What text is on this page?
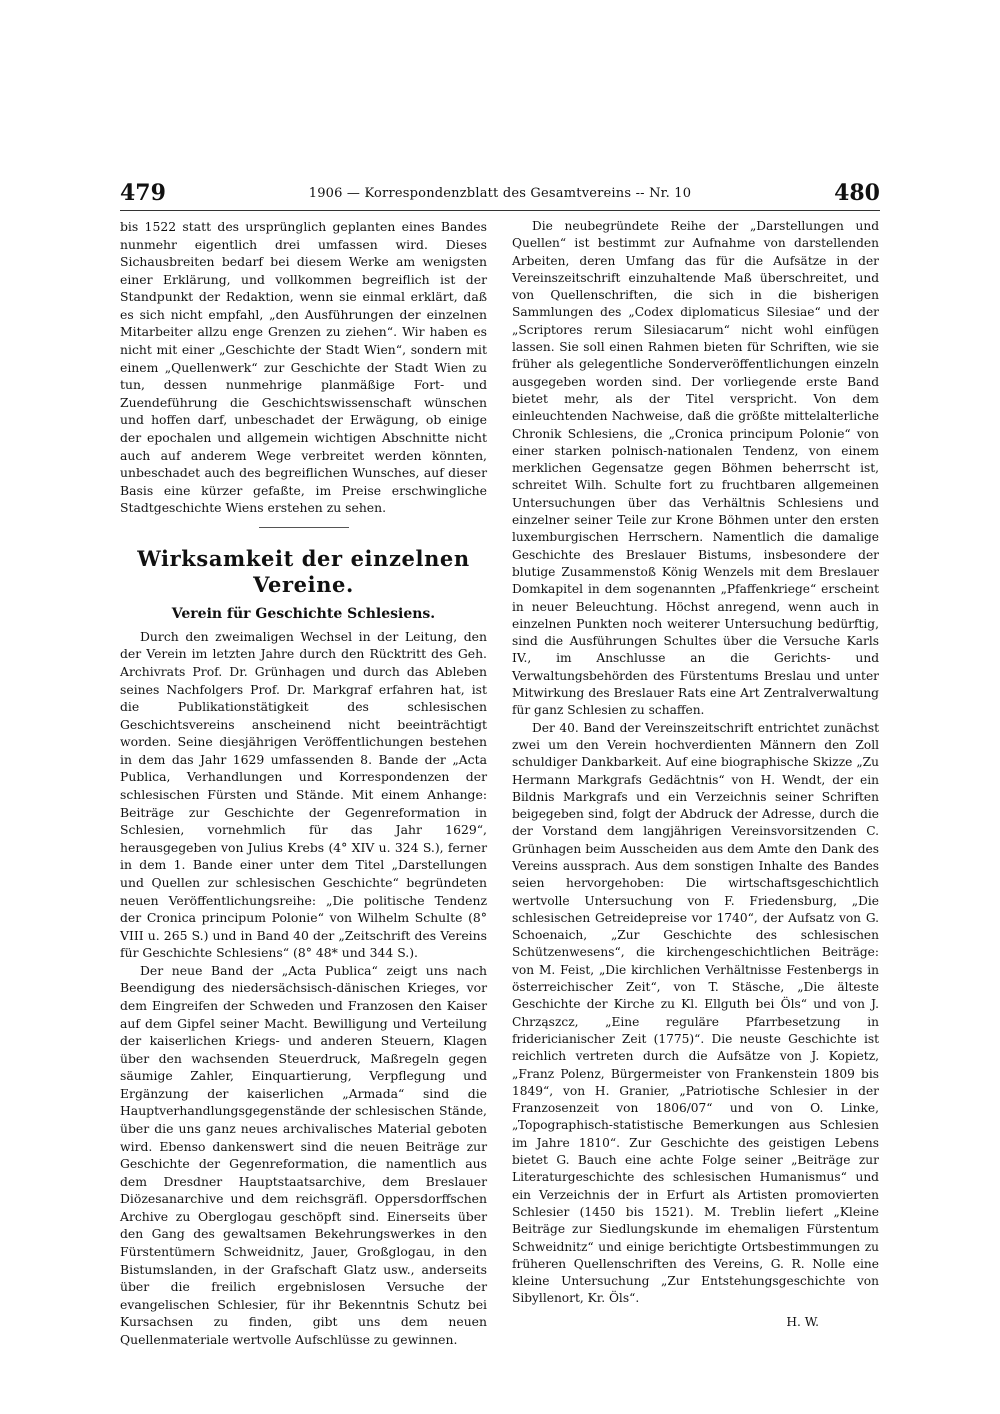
479	1906 — Korrespondenzblatt des Gesamtvereins -- Nr. 10	480

bis 1522 statt des ursprünglich geplanten eines Bandes nunmehr eigentlich drei umfassen wird. Dieses Sichausbreiten bedarf bei diesem Werke am wenigsten einer Erklärung, und vollkommen begreiflich ist der Standpunkt der Redaktion, wenn sie einmal erklärt, daß es sich nicht empfahl, „den Ausführungen der einzelnen Mitarbeiter allzu enge Grenzen zu ziehen“. Wir haben es nicht mit einer „Geschichte der Stadt Wien“, sondern mit einem „Quellenwerk“ zur Geschichte der Stadt Wien zu tun, dessen nunmehrige planmäßige Fort- und Zuendeführung die Geschichtswissenschaft wünschen und hoffen darf, unbeschadet der Erwägung, ob einige der epochalen und allgemein wichtigen Abschnitte nicht auch auf anderem Wege verbreitet werden könnten, unbeschadet auch des begreiflichen Wunsches, auf dieser Basis eine kürzer gefaßte, im Preise erschwingliche Stadtgeschichte Wiens erstehen zu sehen.

Wirksamkeit der einzelnen Vereine.
Verein für Geschichte Schlesiens.

Durch den zweimaligen Wechsel in der Leitung, den der Verein im letzten Jahre durch den Rücktritt des Geh. Archivrats Prof. Dr. Grünhagen und durch das Ableben seines Nachfolgers Prof. Dr. Markgraf erfahren hat, ist die Publikationstätigkeit des schlesischen Geschichtsvereins anscheinend nicht beeinträchtigt worden. Seine diesjährigen Veröffentlichungen bestehen in dem das Jahr 1629 umfassenden 8. Bande der „Acta Publica, Verhandlungen und Korrespondenzen der schlesischen Fürsten und Stände. Mit einem Anhange: Beiträge zur Geschichte der Gegenreformation in Schlesien, vornehmlich für das Jahr 1629“, herausgegeben von Julius Krebs (4° XIV u. 324 S.), ferner in dem 1. Bande einer unter dem Titel „Darstellungen und Quellen zur schlesischen Geschichte“ begründeten neuen Veröffentlichungsreihe: „Die politische Tendenz der Cronica principum Polonie“ von Wilhelm Schulte (8° VIII u. 265 S.) und in Band 40 der „Zeitschrift des Vereins für Geschichte Schlesiens“ (8° 48* und 344 S.).

Der neue Band der „Acta Publica“ zeigt uns nach Beendigung des niedersächsisch-dänischen Krieges, vor dem Eingreifen der Schweden und Franzosen den Kaiser auf dem Gipfel seiner Macht. Bewilligung und Verteilung der kaiserlichen Kriegs- und anderen Steuern, Klagen über den wachsenden Steuerdruck, Maßregeln gegen säumige Zahler, Einquartierung, Verpflegung und Ergänzung der kaiserlichen „Armada“ sind die Hauptverhandlungsgegenstände der schlesischen Stände, über die uns ganz neues archivalisches Material geboten wird. Ebenso dankenswert sind die neuen Beiträge zur Geschichte der Gegenreformation, die namentlich aus dem Dresdner Hauptstaatsarchive, dem Breslauer Diözesanarchive und dem reichsgräfl. Oppersdorffschen Archive zu Oberglogau geschöpft sind. Einerseits über den Gang des gewaltsamen Bekehrungswerkes in den Fürstentümern Schweidnitz, Jauer, Großglogau, in den Bistumslanden, in der Grafschaft Glatz usw., anderseits über die freilich ergebnislosen Versuche der evangelischen Schlesier, für ihr Bekenntnis Schutz bei Kursachsen zu finden, gibt uns dem neuen Quellenmateriale wertvolle Aufschlüsse zu gewinnen.

Die neubegründete Reihe der „Darstellungen und Quellen“ ist bestimmt zur Aufnahme von darstellenden Arbeiten, deren Umfang das für die Aufsätze in der Vereinszeitschrift einzuhaltende Maß überschreitet, und von Quellenschriften, die sich in die bisherigen Sammlungen des „Codex diplomaticus Silesiae“ und der „Scriptores rerum Silesiacarum“ nicht wohl einfügen lassen. Sie soll einen Rahmen bieten für Schriften, wie sie früher als gelegentliche Sonderveröffentlichungen einzeln ausgegeben worden sind. Der vorliegende erste Band bietet mehr, als der Titel verspricht. Von dem einleuchtenden Nachweise, daß die größte mittelalterliche Chronik Schlesiens, die „Cronica principum Polonie“ von einer starken polnisch-nationalen Tendenz, von einem merklichen Gegensatze gegen Böhmen beherrscht ist, schreitet Wilh. Schulte fort zu fruchtbaren allgemeinen Untersuchungen über das Verhältnis Schlesiens und einzelner seiner Teile zur Krone Böhmen unter den ersten luxemburgischen Herrschern. Namentlich die damalige Geschichte des Breslauer Bistums, insbesondere der blutige Zusammenstoß König Wenzels mit dem Breslauer Domkapitel in dem sogenannten „Pfaffenkriege“ erscheint in neuer Beleuchtung. Höchst anregend, wenn auch in einzelnen Punkten noch weiterer Untersuchung bedürftig, sind die Ausführungen Schultes über die Versuche Karls IV., im Anschlusse an die Gerichts- und Verwaltungsbehörden des Fürstentums Breslau und unter Mitwirkung des Breslauer Rats eine Art Zentralverwaltung für ganz Schlesien zu schaffen.

Der 40. Band der Vereinszeitschrift entrichtet zunächst zwei um den Verein hochverdienten Männern den Zoll schuldiger Dankbarkeit. Auf eine biographische Skizze „Zu Hermann Markgrafs Gedächtnis“ von H. Wendt, der ein Bildnis Markgrafs und ein Verzeichnis seiner Schriften beigegeben sind, folgt der Abdruck der Adresse, durch die der Vorstand dem langjährigen Vereinsvorsitzenden C. Grünhagen beim Ausscheiden aus dem Amte den Dank des Vereins aussprach. Aus dem sonstigen Inhalte des Bandes seien hervorgehoben: Die wirtschaftsgeschichtlich wertvolle Untersuchung von F. Friedensburg, „Die schlesischen Getreidepreise vor 1740“, der Aufsatz von G. Schoenaich, „Zur Geschichte des schlesischen Schützenwesens“, die kirchengeschichtlichen Beiträge: von M. Feist, „Die kirchlichen Verhältnisse Festenbergs in österreichischer Zeit“, von T. Stäsche, „Die älteste Geschichte der Kirche zu Kl. Ellguth bei Öls“ und von J. Chrząszcz, „Eine reguläre Pfarrbesetzung in fridericianischer Zeit (1775)“. Die neuste Geschichte ist reichlich vertreten durch die Aufsätze von J. Kopietz, „Franz Polenz, Bürgermeister von Frankenstein 1809 bis 1849“, von H. Granier, „Patriotische Schlesier in der Franzosenzeit von 1806/07“ und von O. Linke, „Topographisch-statistische Bemerkungen aus Schlesien im Jahre 1810“. Zur Geschichte des geistigen Lebens bietet G. Bauch eine achte Folge seiner „Beiträge zur Literaturgeschichte des schlesischen Humanismus“ und ein Verzeichnis der in Erfurt als Artisten promovierten Schlesier (1450 bis 1521). M. Treblin liefert „Kleine Beiträge zur Siedlungskunde im ehemaligen Fürstentum Schweidnitz“ und einige berichtigte Ortsbestimmungen zu früheren Quellenschriften des Vereins, G. R. Nolle eine kleine Untersuchung „Zur Entstehungsgeschichte von Sibyllenort, Kr. Öls“.

H. W.
